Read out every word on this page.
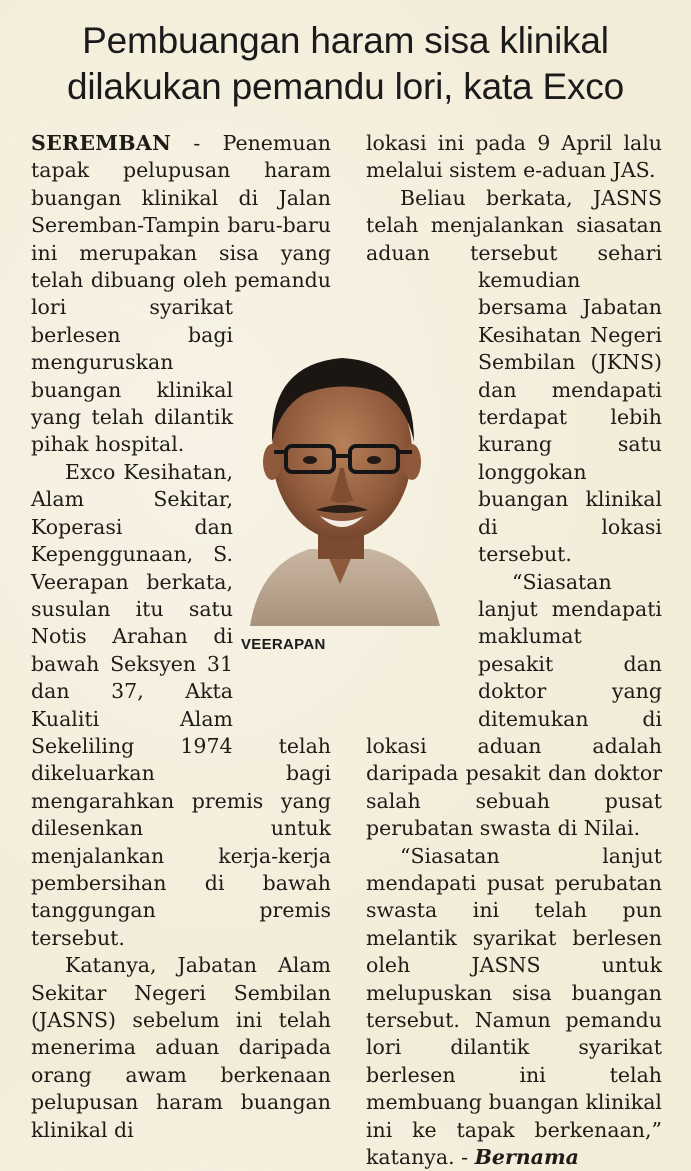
Pembuangan haram sisa klinikal
dilakukan pemandu lori, kata Exco

SEREMBAN - Penemuan tapak pelupusan haram buangan klinikal di Jalan Seremban-Tampin baru-baru ini merupakan sisa yang telah dibuang oleh pemandu lori syarikat berlesen bagi menguruskan buangan klinikal yang telah dilantik pihak hospital.

Exco Kesihatan, Alam Sekitar, Koperasi dan Kepenggunaan, S. Veerapan berkata, susulan itu satu Notis Arahan di bawah Seksyen 31 dan 37, Akta Kualiti Alam Sekeliling 1974 telah dikeluarkan bagi mengarahkan premis yang dilesenkan untuk menjalankan kerja-kerja pembersihan di bawah tanggungan premis tersebut.

Katanya, Jabatan Alam Sekitar Negeri Sembilan (JASNS) sebelum ini telah menerima aduan daripada orang awam berkenaan pelupusan haram buangan klinikal di

lokasi ini pada 9 April lalu melalui sistem e-aduan JAS.

Beliau berkata, JASNS telah menjalankan siasatan aduan tersebut sehari kemudian bersama Jabatan Kesihatan Negeri Sembilan (JKNS) dan mendapati terdapat lebih kurang satu longgokan buangan klinikal di lokasi tersebut.

“Siasatan lanjut mendapati maklumat pesakit dan doktor yang ditemukan di lokasi aduan adalah daripada pesakit dan doktor salah sebuah pusat perubatan swasta di Nilai.

“Siasatan lanjut mendapati pusat perubatan swasta ini telah pun melantik syarikat berlesen oleh JASNS untuk melupuskan sisa buangan tersebut. Namun pemandu lori dilantik syarikat berlesen ini telah membuang buangan klinikal ini ke tapak berkenaan,” katanya. - Bernama

VEERAPAN
